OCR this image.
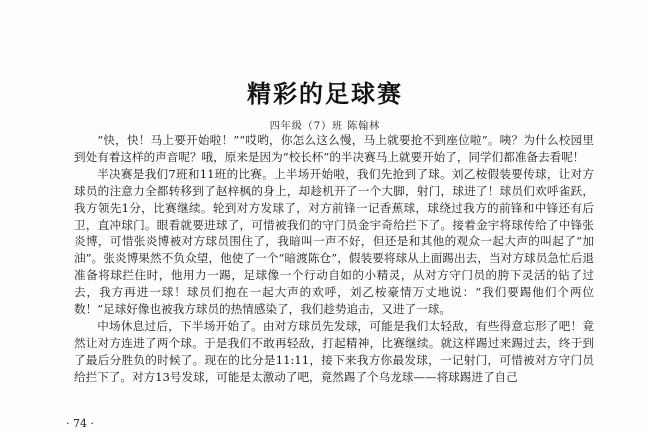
精彩的足球赛
四年级（7）班 陈翰林

“快，快！马上要开始啦！”“哎哟，你怎么这么慢，马上就要抢不到座位啦”。咦？为什么校园里到处有着这样的声音呢？哦，原来是因为“校长杯”的半决赛马上就要开始了，同学们都准备去看呢！

半决赛是我们7班和11班的比赛。上半场开始啦，我们先抢到了球。刘乙桉假装要传球，让对方球员的注意力全都转移到了赵梓枫的身上，却趁机开了一个大脚，射门，球进了！球员们欢呼雀跃，我方领先1分，比赛继续。轮到对方发球了，对方前锋一记香蕉球，球绕过我方的前锋和中锋还有后卫，直冲球门。眼看就要进球了，可惜被我们的守门员金宇奇给拦下了。接着金宇将球传给了中锋张炎博，可惜张炎博被对方球员围住了，我暗叫一声不好，但还是和其他的观众一起大声的叫起了“加油”。张炎博果然不负众望，他使了一个“暗渡陈仓”，假装要将球从上面踢出去，当对方球员急忙后退准备将球拦住时，他用力一踢，足球像一个行动自如的小精灵，从对方守门员的胯下灵活的钻了过去，我方再进一球！球员们抱在一起大声的欢呼，刘乙桉豪情万丈地说：“我们要踢他们个两位数！”足球好像也被我方球员的热情感染了，我们趁势追击，又进了一球。

中场休息过后，下半场开始了。由对方球员先发球，可能是我们太轻敌，有些得意忘形了吧！竟然让对方连进了两个球。于是我们不敢再轻敌，打起精神，比赛继续。就这样踢过来踢过去，终于到了最后分胜负的时候了。现在的比分是11:11，接下来我方你最发球，一记射门，可惜被对方守门员给拦下了。对方13号发球，可能是太激动了吧，竟然踢了个乌龙球——将球踢进了自己

· 74 ·
